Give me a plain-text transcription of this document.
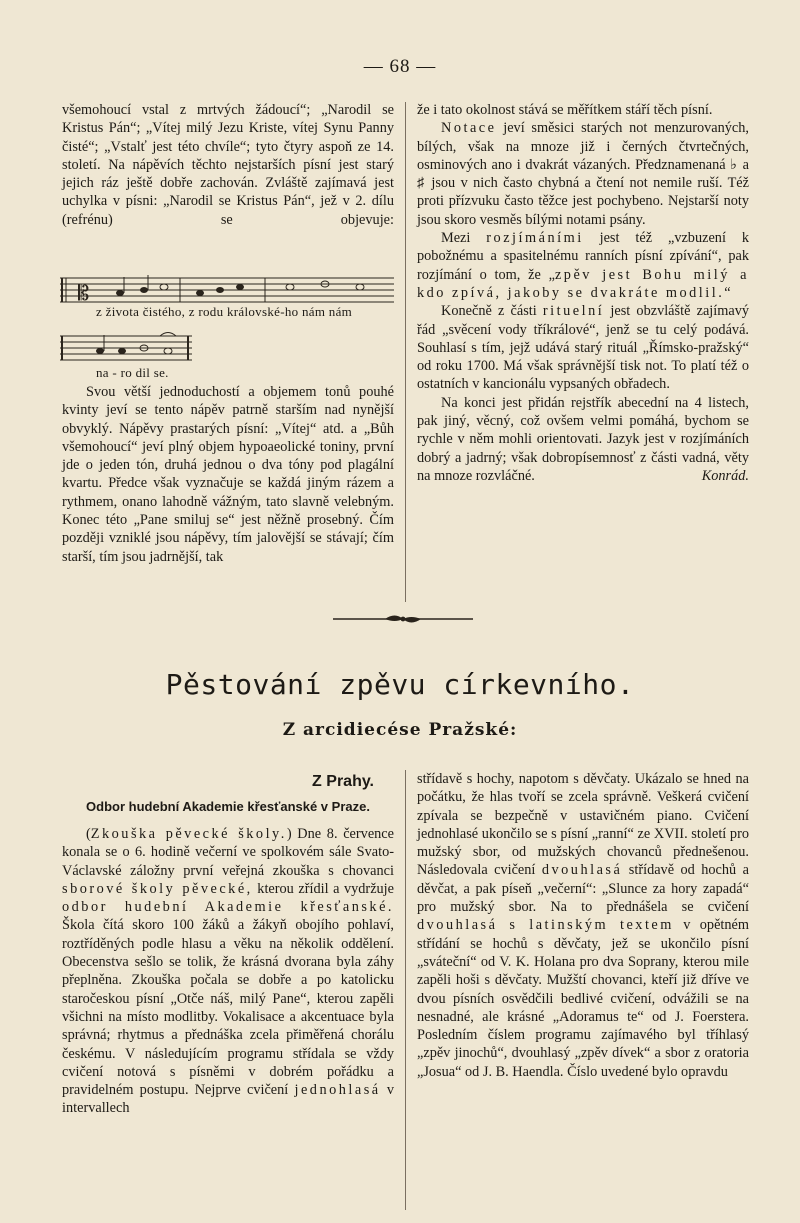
— 68 —

všemohoucí vstal z mrtvých žádoucí“; „Narodil se Kristus Pán“; „Vítej milý Jezu Kriste, vítej Synu Panny čisté“; „Vstalť jest této chvíle“; tyto čtyry aspoň ze 14. století. Na nápěvích těchto nejstarších písní jest starý jejich ráz ještě dobře zachován. Zvláště zajímavá jest uchylka v písni: „Narodil se Kristus Pán“, jež v 2. dílu (refrénu) se objevuje:

𝄡
z života čistého, z rodu královské-ho nám nám
na - ro dil se.

Svou větší jednoduchostí a objemem tonů pouhé kvinty jeví se tento nápěv patrně starším nad nynější obvyklý. Nápěvy prastarých písní: „Vítej“ atd. a „Bůh všemohoucí“ jeví plný objem hypoaeolické toniny, první jde o jeden tón, druhá jednou o dva tóny pod plagální kvartu. Předce však vyznačuje se každá jiným rázem a rythmem, onano lahodně vážným, tato slavně velebným. Konec této „Pane smiluj se“ jest něžně prosebný. Čím později vzniklé jsou nápěvy, tím jalovější se stávají; čím starší, tím jsou jadrnější, tak

že i tato okolnost stává se měřítkem stáří těch písní.

Notace jeví směsici starých not menzurovaných, bílých, však na mnoze již i černých čtvrtečných, osminových ano i dvakrát vázaných. Předznamenaná ♭ a ♯ jsou v nich často chybná a čtení not nemile ruší. Též proti přízvuku často těžce jest pochybeno. Nejstarší noty jsou skoro vesměs bílými notami psány.

Mezi rozjímáními jest též „vzbuzení k pobožnému a spasitelnému ranních písní zpívání“, pak rozjímání o tom, že „zpěv jest Bohu milý a kdo zpívá, jakoby se dvakráte modlil.“

Konečně z části rituelní jest obzvláště zajímavý řád „svěcení vody tříkrálové“, jenž se tu celý podává. Souhlasí s tím, jejž udává starý rituál „Římsko-pražský“ od roku 1700. Má však správnější tisk not. To platí též o ostatních v kancionálu vypsaných obřadech.

Na konci jest přidán rejstřík abecední na 4 listech, pak jiný, věcný, což ovšem velmi pomáhá, bychom se rychle v něm mohli orientovati. Jazyk jest v rozjímáních dobrý a jadrný; však dobropísemnosť z části vadná, věty na mnoze rozvláčné.	Konrád.

Pěstování zpěvu církevního.
Z arcidiecése Pražské:
Z Prahy.
Odbor hudební Akademie křesťanské v Praze.

(Zkouška pěvecké školy.) Dne 8. července konala se o 6. hodině večerní ve spolkovém sále Svato-Václavské záložny první veřejná zkouška s chovanci sborové školy pěvecké, kterou zřídil a vydržuje odbor hudební Akademie křesťanské. Škola čítá skoro 100 žáků a žákyň obojího pohlaví, roztříděných podle hlasu a věku na několik oddělení. Obecenstva sešlo se tolik, že krásná dvorana byla záhy přeplněna. Zkouška počala se dobře a po katolicku staročeskou písní „Otče náš, milý Pane“, kterou zapěli všichni na místo modlitby. Vokalisace a akcentuace byla správná; rhytmus a přednáška zcela přiměřená chorálu českému. V následujícím programu střídala se vždy cvičení notová s písněmi v dobrém pořádku a pravidelném postupu. Nejprve cvičení jednohlasá v intervallech

střídavě s hochy, napotom s děvčaty. Ukázalo se hned na počátku, že hlas tvoří se zcela správně. Veškerá cvičení zpívala se bezpečně v ustavičném piano. Cvičení jednohlasé ukončilo se s písní „ranní“ ze XVII. století pro mužský sbor, od mužských chovanců přednešenou. Následovala cvičení dvouhlasá střídavě od hochů a děvčat, a pak píseň „večerní“: „Slunce za hory zapadá“ pro mužský sbor. Na to přednášela se cvičení dvouhlasá s latinským textem v opětném střídání se hochů s děvčaty, jež se ukončilo písní „sváteční“ od V. K. Holana pro dva Soprany, kterou mile zapěli hoši s děvčaty. Mužští chovanci, kteří již dříve ve dvou písních osvědčili bedlivé cvičení, odvážili se na nesnadné, ale krásné „Adoramus te“ od J. Foerstera. Posledním číslem programu zajímavého byl tříhlasý „zpěv jinochů“, dvouhlasý „zpěv dívek“ a sbor z oratoria „Josua“ od J. B. Haendla. Číslo uvedené bylo opravdu
